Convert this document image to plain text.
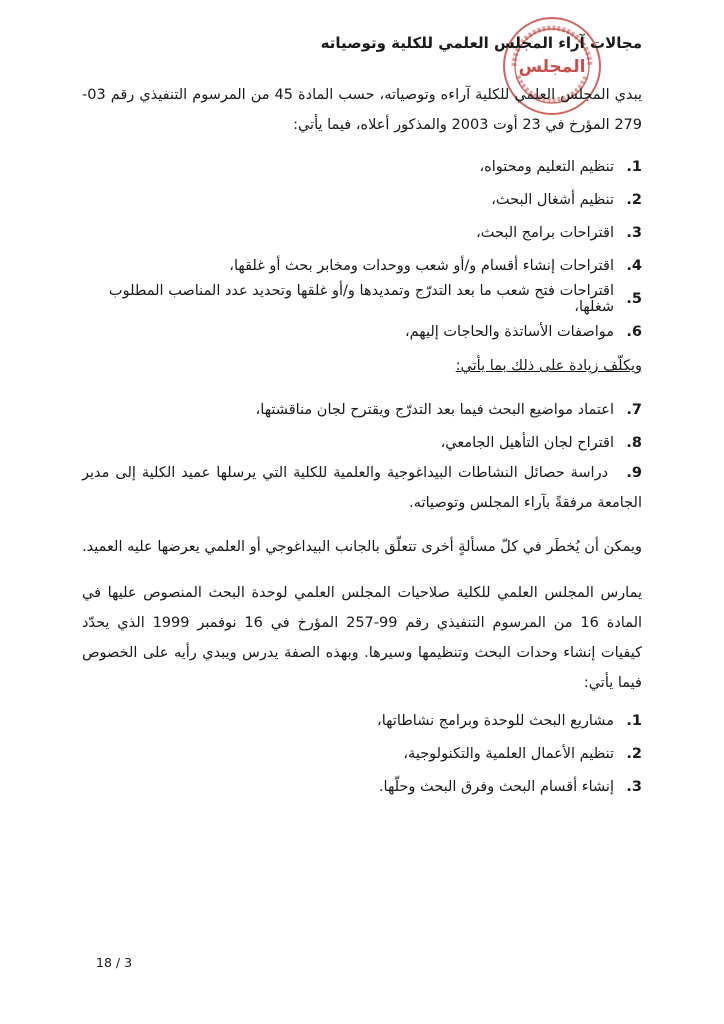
المجلس
مجالات آراء المجلس العلمي للكلية وتوصياته
يبدي المجلس العلمي للكلية آراءه وتوصياته، حسب المادة 45 من المرسوم التنفيذي رقم 03-279 المؤرخ في 23 أوت 2003 والمذكور أعلاه، فيما يأتي:
1.
تنظيم التعليم ومحتواه،
2.
تنظيم أشغال البحث،
3.
اقتراحات برامج البحث،
4.
اقتراحات إنشاء أقسام و/أو شعب ووحدات ومخابر بحث أو غلقها،
5.
اقتراحات فتح شعب ما بعد التدرّج وتمديدها و/أو غلقها وتحديد عدد المناصب المطلوب شغلها،
6.
مواصفات الأساتذة والحاجات إليهم،
ويكلّف زيادة على ذلك بما يأتي:
7.
اعتماد مواضيع البحث فيما بعد التدرّج ويقترح لجان مناقشتها،
8.
اقتراح لجان التأهيل الجامعي،
9. دراسة حصائل النشاطات البيداغوجية والعلمية للكلية التي يرسلها عميد الكلية إلى مدير الجامعة مرفقةً بآراء المجلس وتوصياته.
ويمكن أن يُخطَر في كلّ مسألةٍ أخرى تتعلّق بالجانب البيداغوجي أو العلمي يعرضها عليه العميد.
يمارس المجلس العلمي للكلية صلاحيات المجلس العلمي لوحدة البحث المنصوص عليها في المادة 16 من المرسوم التنفيذي رقم 99-257 المؤرخ في 16 نوفمبر 1999 الذي يحدّد كيفيات إنشاء وحدات البحث وتنظيمها وسيرها. وبهذه الصفة يدرس ويبدي رأيه على الخصوص فيما يأتي:
1.
مشاريع البحث للوحدة وبرامج نشاطاتها،
2.
تنظيم الأعمال العلمية والتكنولوجية،
3.
إنشاء أقسام البحث وفرق البحث وحلّها.
18 / 3
